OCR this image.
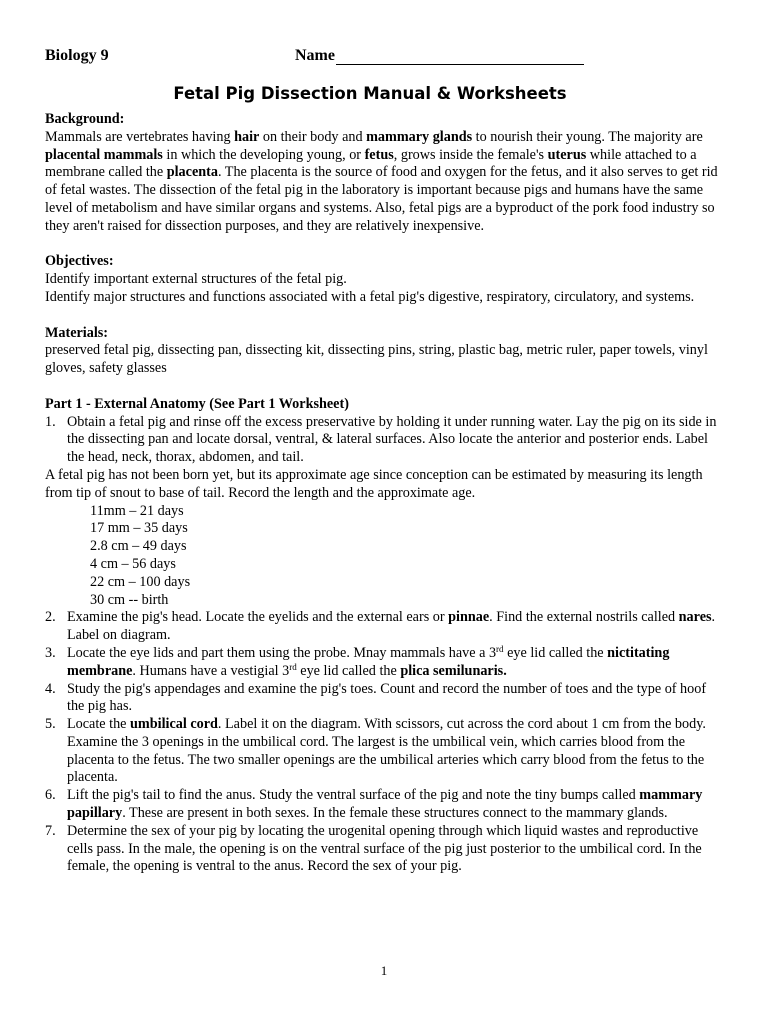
Biology 9	Name
Fetal Pig Dissection Manual & Worksheets

Background:

Mammals are vertebrates having hair on their body and mammary glands to nourish their young. The majority are placental mammals in which the developing young, or fetus, grows inside the female's uterus while attached to a membrane called the placenta. The placenta is the source of food and oxygen for the fetus, and it also serves to get rid of fetal wastes. The dissection of the fetal pig in the laboratory is important because pigs and humans have the same level of metabolism and have similar organs and systems. Also, fetal pigs are a byproduct of the pork food industry so they aren't raised for dissection purposes, and they are relatively inexpensive.

Objectives:

Identify important external structures of the fetal pig.

Identify major structures and functions associated with a fetal pig's digestive, respiratory, circulatory, and systems.

Materials:

preserved fetal pig, dissecting pan, dissecting kit, dissecting pins, string, plastic bag, metric ruler, paper towels, vinyl gloves, safety glasses

Part 1 - External Anatomy (See Part 1 Worksheet)

1. Obtain a fetal pig and rinse off the excess preservative by holding it under running water. Lay the pig on its side in the dissecting pan and locate dorsal, ventral, & lateral surfaces. Also locate the anterior and posterior ends. Label the head, neck, thorax, abdomen, and tail.

A fetal pig has not been born yet, but its approximate age since conception can be estimated by measuring its length from tip of snout to base of tail. Record the length and the approximate age.

11mm – 21 days
17 mm – 35 days
2.8 cm – 49 days
4 cm – 56 days
22 cm – 100 days
30 cm -- birth
2. Examine the pig's head. Locate the eyelids and the external ears or pinnae. Find the external nostrils called nares. Label on diagram.
3. Locate the eye lids and part them using the probe. Mnay mammals have a 3rd eye lid called the nictitating membrane. Humans have a vestigial 3rd eye lid called the plica semilunaris.
4. Study the pig's appendages and examine the pig's toes. Count and record the number of toes and the type of hoof the pig has.
5. Locate the umbilical cord. Label it on the diagram. With scissors, cut across the cord about 1 cm from the body. Examine the 3 openings in the umbilical cord. The largest is the umbilical vein, which carries blood from the placenta to the fetus. The two smaller openings are the umbilical arteries which carry blood from the fetus to the placenta.
6. Lift the pig's tail to find the anus. Study the ventral surface of the pig and note the tiny bumps called mammary papillary. These are present in both sexes. In the female these structures connect to the mammary glands.
7. Determine the sex of your pig by locating the urogenital opening through which liquid wastes and reproductive cells pass. In the male, the opening is on the ventral surface of the pig just posterior to the umbilical cord. In the female, the opening is ventral to the anus. Record the sex of your pig.
1
